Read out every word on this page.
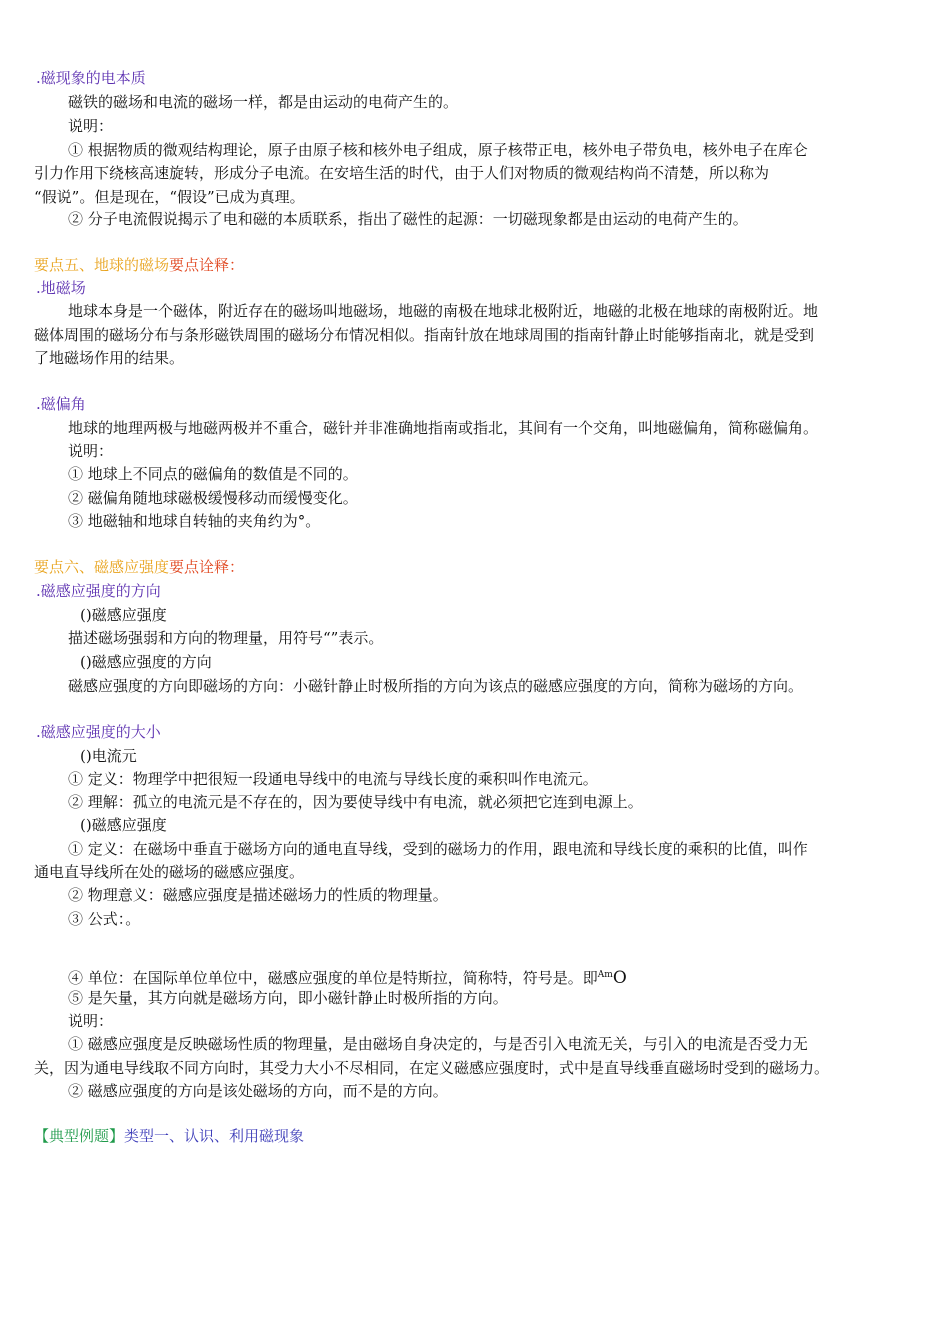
.磁现象的电本质
磁铁的磁场和电流的磁场一样，都是由运动的电荷产生的。
说明：
① 根据物质的微观结构理论，原子由原子核和核外电子组成，原子核带正电，核外电子带负电，核外电子在库仑
引力作用下绕核高速旋转，形成分子电流。在安培生活的时代，由于人们对物质的微观结构尚不清楚，所以称为
“假说”。但是现在，“假设”已成为真理。
② 分子电流假说揭示了电和磁的本质联系，指出了磁性的起源：一切磁现象都是由运动的电荷产生的。
要点五、地球的磁场要点诠释：
.地磁场
地球本身是一个磁体，附近存在的磁场叫地磁场，地磁的南极在地球北极附近，地磁的北极在地球的南极附近。地
磁体周围的磁场分布与条形磁铁周围的磁场分布情况相似。指南针放在地球周围的指南针静止时能够指南北，就是受到
了地磁场作用的结果。
.磁偏角
地球的地理两极与地磁两极并不重合，磁针并非准确地指南或指北，其间有一个交角，叫地磁偏角，简称磁偏角。
说明：
① 地球上不同点的磁偏角的数值是不同的。
② 磁偏角随地球磁极缓慢移动而缓慢变化。
③ 地磁轴和地球自转轴的夹角约为°。
要点六、磁感应强度要点诠释：
.磁感应强度的方向
()磁感应强度
描述磁场强弱和方向的物理量，用符号“”表示。
()磁感应强度的方向
磁感应强度的方向即磁场的方向：小磁针静止时极所指的方向为该点的磁感应强度的方向，简称为磁场的方向。
.磁感应强度的大小
()电流元
① 定义：物理学中把很短一段通电导线中的电流与导线长度的乘积叫作电流元。
② 理解：孤立的电流元是不存在的，因为要使导线中有电流，就必须把它连到电源上。
()磁感应强度
① 定义：在磁场中垂直于磁场方向的通电直导线，受到的磁场力的作用，跟电流和导线长度的乘积的比值，叫作
通电直导线所在处的磁场的磁感应强度。
② 物理意义：磁感应强度是描述磁场力的性质的物理量。
③ 公式：。
④ 单位：在国际单位单位中，磁感应强度的单位是特斯拉，简称特，符号是。即$^{Am}$O
⑤ 是矢量，其方向就是磁场方向，即小磁针静止时极所指的方向。
说明：
① 磁感应强度是反映磁场性质的物理量，是由磁场自身决定的，与是否引入电流无关，与引入的电流是否受力无
关，因为通电导线取不同方向时，其受力大小不尽相同，在定义磁感应强度时，式中是直导线垂直磁场时受到的磁场力。
② 磁感应强度的方向是该处磁场的方向，而不是的方向。
【典型例题】类型一、认识、利用磁现象
